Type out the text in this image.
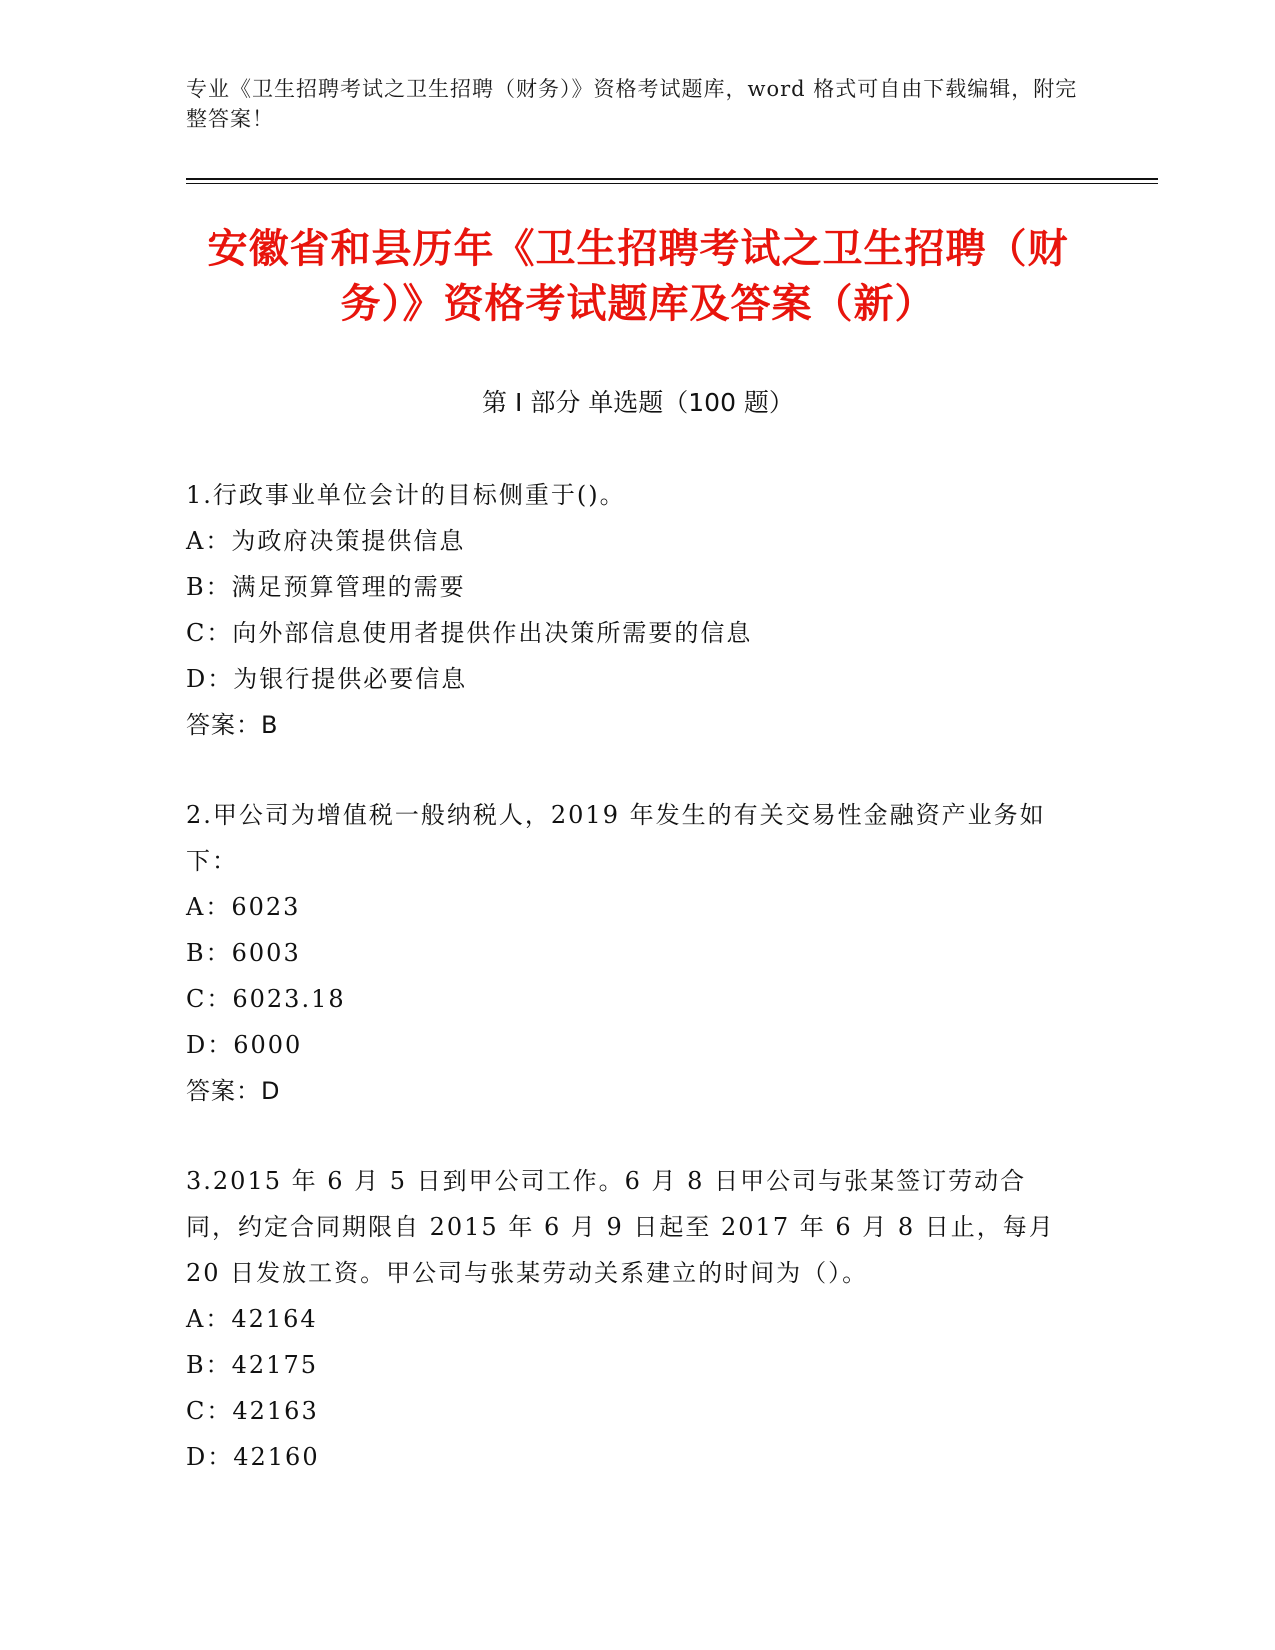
专业《卫生招聘考试之卫生招聘（财务）》资格考试题库，word 格式可自由下载编辑，附完整答案！
安徽省和县历年《卫生招聘考试之卫生招聘（财务）》资格考试题库及答案（新）
第 I 部分 单选题（100 题）
1.行政事业单位会计的目标侧重于()。
A：为政府决策提供信息
B：满足预算管理的需要
C：向外部信息使用者提供作出决策所需要的信息
D：为银行提供必要信息
答案：B
2.甲公司为增值税一般纳税人，2019 年发生的有关交易性金融资产业务如下：
A：6023
B：6003
C：6023.18
D：6000
答案：D
3.2015 年 6 月 5 日到甲公司工作。6 月 8 日甲公司与张某签订劳动合同，约定合同期限自 2015 年 6 月 9 日起至 2017 年 6 月 8 日止，每月 20 日发放工资。甲公司与张某劳动关系建立的时间为（）。
A：42164
B：42175
C：42163
D：42160
